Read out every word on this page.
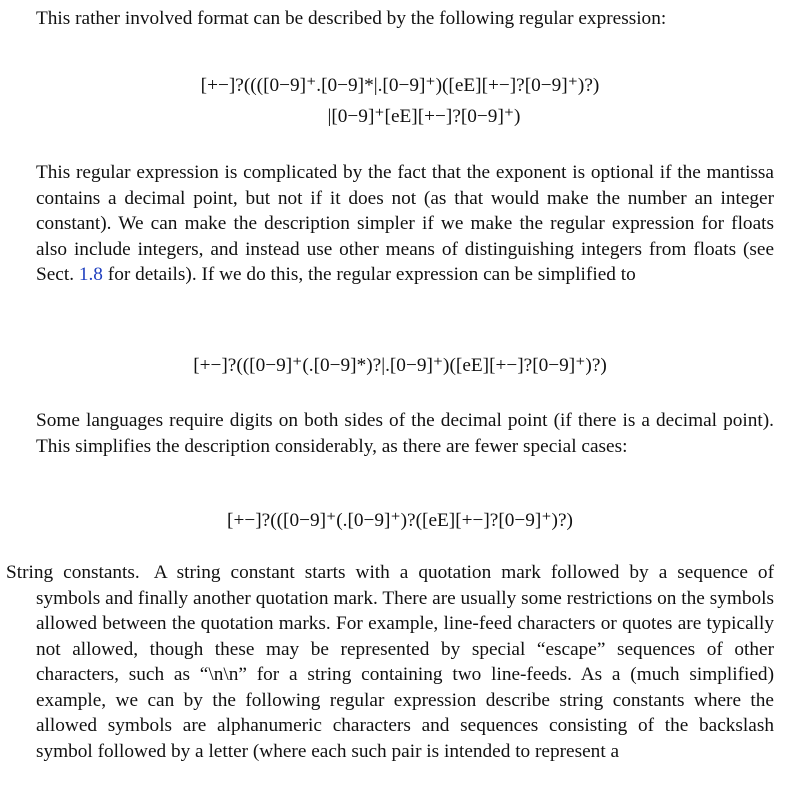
This rather involved format can be described by the following regular expression:

[+−]?((([0−9]⁺.[0−9]*|.[0−9]⁺)([eE][+−]?[0−9]⁺)?)
|[0−9]⁺[eE][+−]?[0−9]⁺)

This regular expression is complicated by the fact that the exponent is optional if the mantissa contains a decimal point, but not if it does not (as that would make the number an integer constant). We can make the description simpler if we make the regular expression for floats also include integers, and instead use other means of distinguishing integers from floats (see Sect. 1.8 for details). If we do this, the regular expression can be simplified to

[+−]?(([0−9]⁺(.[0−9]*)?|.[0−9]⁺)([eE][+−]?[0−9]⁺)?)

Some languages require digits on both sides of the decimal point (if there is a decimal point). This simplifies the description considerably, as there are fewer special cases:

[+−]?(([0−9]⁺(.[0−9]⁺)?([eE][+−]?[0−9]⁺)?)

String constants. A string constant starts with a quotation mark followed by a sequence of symbols and finally another quotation mark. There are usually some restrictions on the symbols allowed between the quotation marks. For example, line-feed characters or quotes are typically not allowed, though these may be represented by special “escape” sequences of other characters, such as “\n\n” for a string containing two line-feeds. As a (much simplified) example, we can by the following regular expression describe string constants where the allowed symbols are alphanumeric characters and sequences consisting of the backslash symbol followed by a letter (where each such pair is intended to represent a
